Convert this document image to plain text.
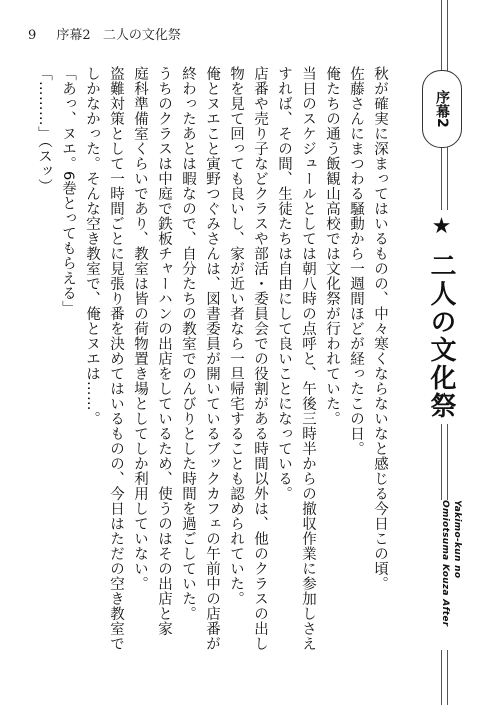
9 序幕2 二人の文化祭
序幕2
★ 二人の文化祭
Yakimo-kun no
Omiotsuma Kouza After
秋が確実に深まってはいるものの、中々寒くならないなと感じる今日この頃。
佐藤さんにまつわる騒動から一週間ほどが経ったこの日。
俺たちの通う飯観山高校では文化祭が行われていた。
当日のスケジュールとしては朝八時の点呼と、午後三時半からの撤収作業に参加しさえ
すれば、その間、生徒たちは自由にして良いことになっている。
店番や売り子などクラスや部活・委員会での役割がある時間以外は、他のクラスの出し
物を見て回っても良いし、家が近い者なら一旦帰宅することも認められていた。
俺とヌエこと寅野つぐみさんは、図書委員が開いているブックカフェの午前中の店番が
終わったあとは暇なので、自分たちの教室でのんびりとした時間を過ごしていた。
うちのクラスは中庭で鉄板チャーハンの出店をしているため、使うのはその出店と家
庭科準備室くらいであり、教室は皆の荷物置き場としてしか利用していない。
盗難対策として一時間ごとに見張り番を決めてはいるものの、今日はただの空き教室で
しかなかった。そんな空き教室で、俺とヌエは……。
「あっ、ヌエ。6巻とってもらえる」
「………」（スッ）
